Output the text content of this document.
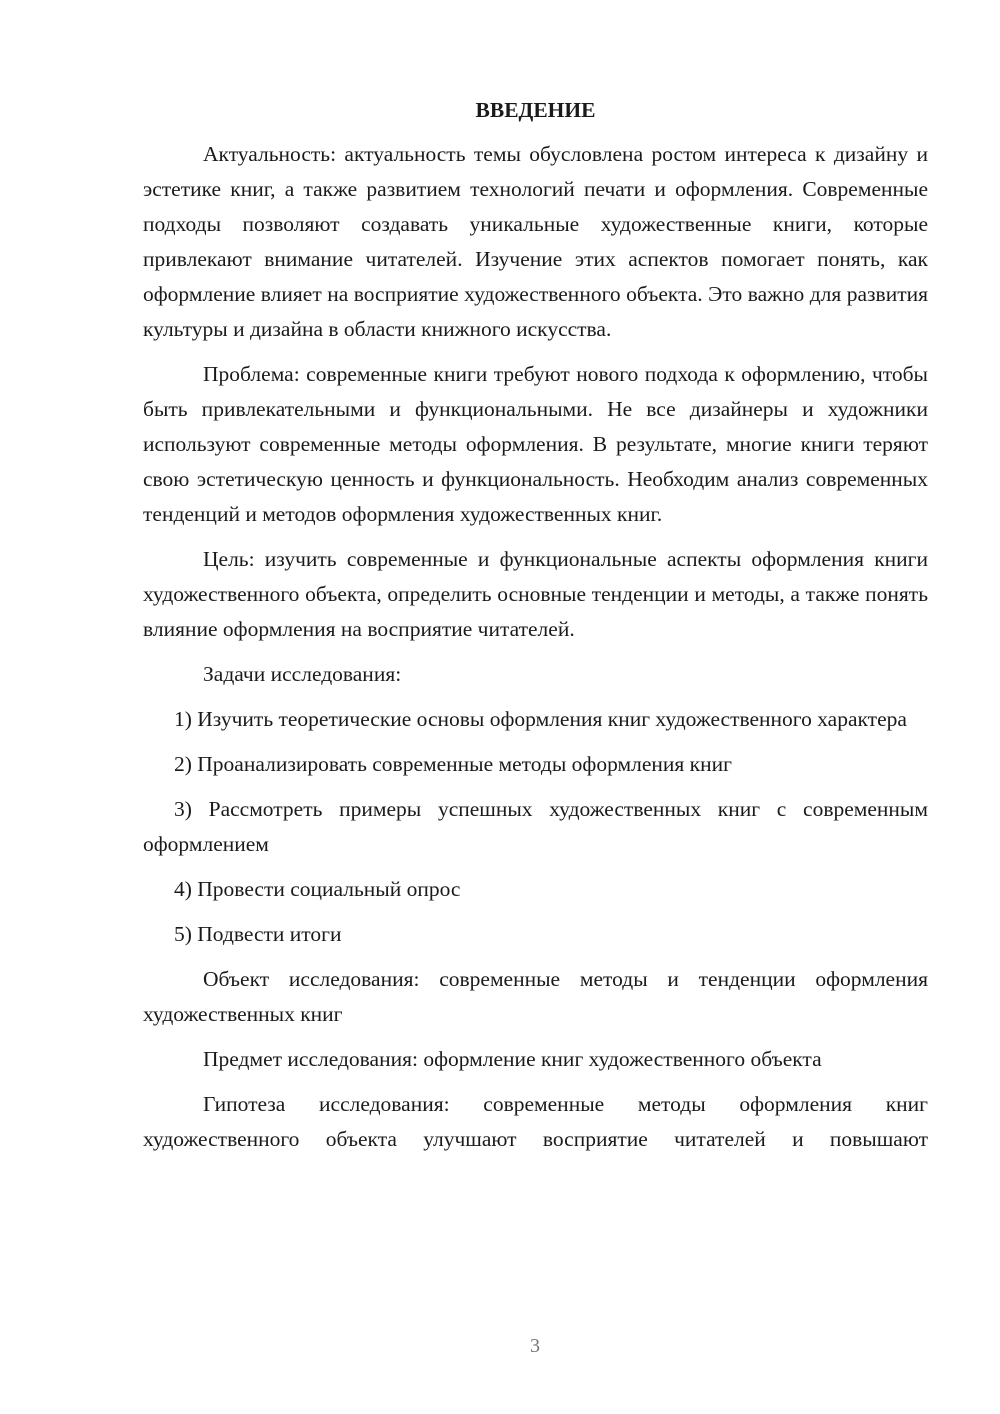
ВВЕДЕНИЕ

Актуальность: актуальность темы обусловлена ростом интереса к дизайну и эстетике книг, а также развитием технологий печати и оформления. Современные подходы позволяют создавать уникальные художественные книги, которые привлекают внимание читателей. Изучение этих аспектов помогает понять, как оформление влияет на восприятие художественного объекта. Это важно для развития культуры и дизайна в области книжного искусства.

Проблема: современные книги требуют нового подхода к оформлению, чтобы быть привлекательными и функциональными. Не все дизайнеры и художники используют современные методы оформления. В результате, многие книги теряют свою эстетическую ценность и функциональность. Необходим анализ современных тенденций и методов оформления художественных книг.

Цель: изучить современные и функциональные аспекты оформления книги художественного объекта, определить основные тенденции и методы, а также понять влияние оформления на восприятие читателей.

Задачи исследования:

1) Изучить теоретические основы оформления книг художественного характера

2) Проанализировать современные методы оформления книг

3) Рассмотреть примеры успешных художественных книг с современным оформлением

4) Провести социальный опрос

5) Подвести итоги

Объект исследования: современные методы и тенденции оформления художественных книг

Предмет исследования: оформление книг художественного объекта

Гипотеза исследования: современные методы оформления книг художественного объекта улучшают восприятие читателей и повышают

3
